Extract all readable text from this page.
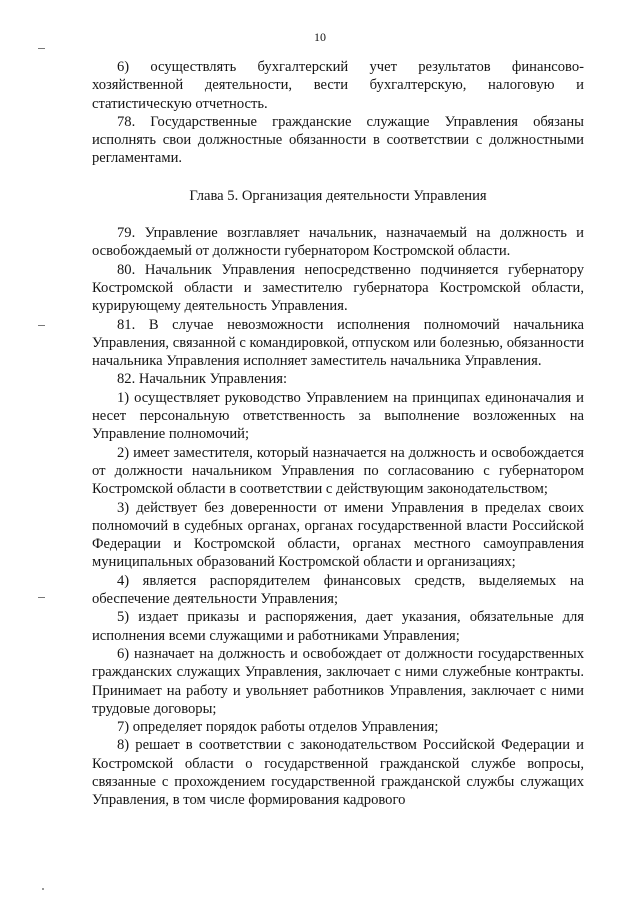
10

6) осуществлять бухгалтерский учет результатов финансово-хозяйственной деятельности, вести бухгалтерскую, налоговую и статистическую отчетность.

78. Государственные гражданские служащие Управления обязаны исполнять свои должностные обязанности в соответствии с должностными регламентами.

Глава 5. Организация деятельности Управления

79. Управление возглавляет начальник, назначаемый на должность и освобождаемый от должности губернатором Костромской области.

80. Начальник Управления непосредственно подчиняется губернатору Костромской области и заместителю губернатора Костромской области, курирующему деятельность Управления.

81. В случае невозможности исполнения полномочий начальника Управления, связанной с командировкой, отпуском или болезнью, обязанности начальника Управления исполняет заместитель начальника Управления.

82. Начальник Управления:

1) осуществляет руководство Управлением на принципах единоначалия и несет персональную ответственность за выполнение возложенных на Управление полномочий;

2) имеет заместителя, который назначается на должность и освобождается от должности начальником Управления по согласованию с губернатором Костромской области в соответствии с действующим законодательством;

3) действует без доверенности от имени Управления в пределах своих полномочий в судебных органах, органах государственной власти Российской Федерации и Костромской области, органах местного самоуправления муниципальных образований Костромской области и организациях;

4) является распорядителем финансовых средств, выделяемых на обеспечение деятельности Управления;

5) издает приказы и распоряжения, дает указания, обязательные для исполнения всеми служащими и работниками Управления;

6) назначает на должность и освобождает от должности государственных гражданских служащих Управления, заключает с ними служебные контракты. Принимает на работу и увольняет работников Управления, заключает с ними трудовые договоры;

7) определяет порядок работы отделов Управления;

8) решает в соответствии с законодательством Российской Федерации и Костромской области о государственной гражданской службе вопросы, связанные с прохождением государственной гражданской службы служащих Управления, в том числе формирования кадрового
